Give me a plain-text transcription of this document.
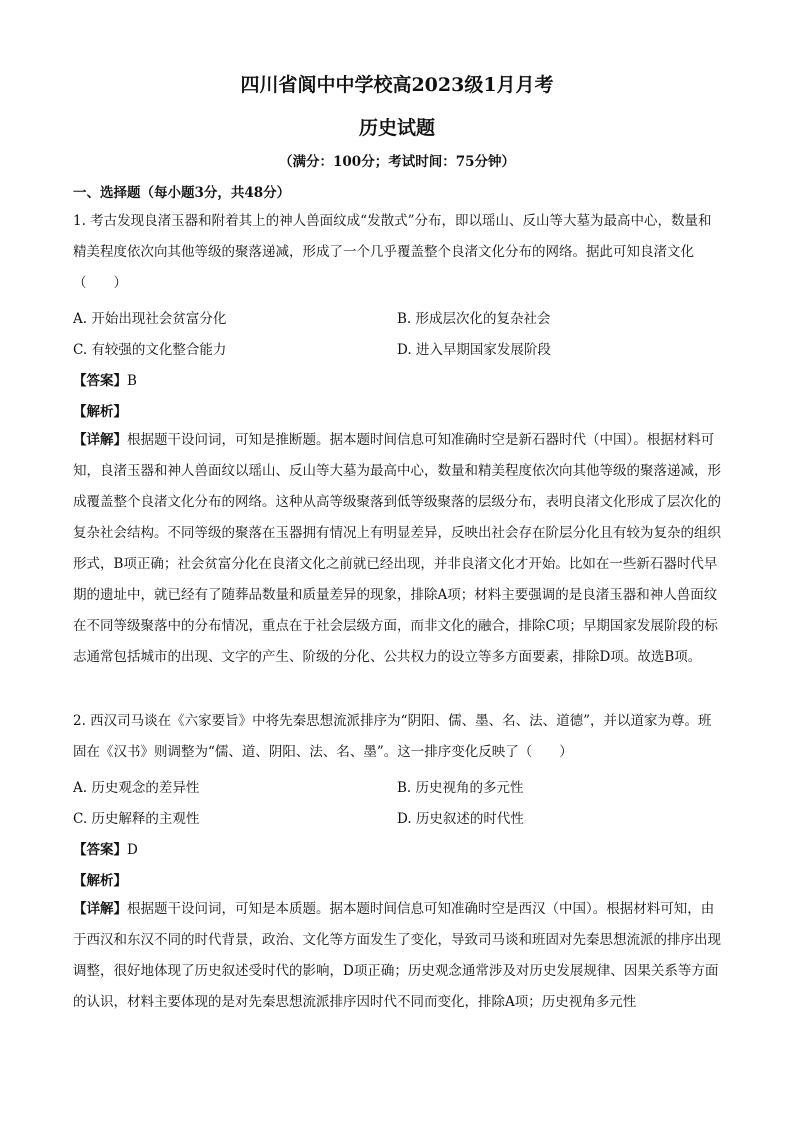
四川省阆中中学校高2023级1月月考
历史试题
（满分：100分；考试时间：75分钟）
一、选择题（每小题3分，共48分）

1. 考古发现良渚玉器和附着其上的神人兽面纹成“发散式”分布，即以瑶山、反山等大墓为最高中心，数量和精美程度依次向其他等级的聚落递减，形成了一个几乎覆盖整个良渚文化分布的网络。据此可知良渚文化（　　）

A. 开始出现社会贫富分化	B. 形成层次化的复杂社会
C. 有较强的文化整合能力	D. 进入早期国家发展阶段
【答案】B
【解析】

【详解】根据题干设问词，可知是推断题。据本题时间信息可知准确时空是新石器时代（中国）。根据材料可知，良渚玉器和神人兽面纹以瑶山、反山等大墓为最高中心，数量和精美程度依次向其他等级的聚落递减，形成覆盖整个良渚文化分布的网络。这种从高等级聚落到低等级聚落的层级分布，表明良渚文化形成了层次化的复杂社会结构。不同等级的聚落在玉器拥有情况上有明显差异，反映出社会存在阶层分化且有较为复杂的组织形式，B项正确；社会贫富分化在良渚文化之前就已经出现，并非良渚文化才开始。比如在一些新石器时代早期的遗址中，就已经有了随葬品数量和质量差异的现象，排除A项；材料主要强调的是良渚玉器和神人兽面纹在不同等级聚落中的分布情况，重点在于社会层级方面，而非文化的融合，排除C项；早期国家发展阶段的标志通常包括城市的出现、文字的产生、阶级的分化、公共权力的设立等多方面要素，排除D项。故选B项。

2. 西汉司马谈在《六家要旨》中将先秦思想流派排序为“阴阳、儒、墨、名、法、道德”，并以道家为尊。班固在《汉书》则调整为“儒、道、阴阳、法、名、墨”。这一排序变化反映了（　　）

A. 历史观念的差异性	B. 历史视角的多元性
C. 历史解释的主观性	D. 历史叙述的时代性
【答案】D
【解析】

【详解】根据题干设问词，可知是本质题。据本题时间信息可知准确时空是西汉（中国）。根据材料可知，由于西汉和东汉不同的时代背景，政治、文化等方面发生了变化，导致司马谈和班固对先秦思想流派的排序出现调整，很好地体现了历史叙述受时代的影响，D项正确；历史观念通常涉及对历史发展规律、因果关系等方面的认识，材料主要体现的是对先秦思想流派排序因时代不同而变化，排除A项；历史视角多元性
